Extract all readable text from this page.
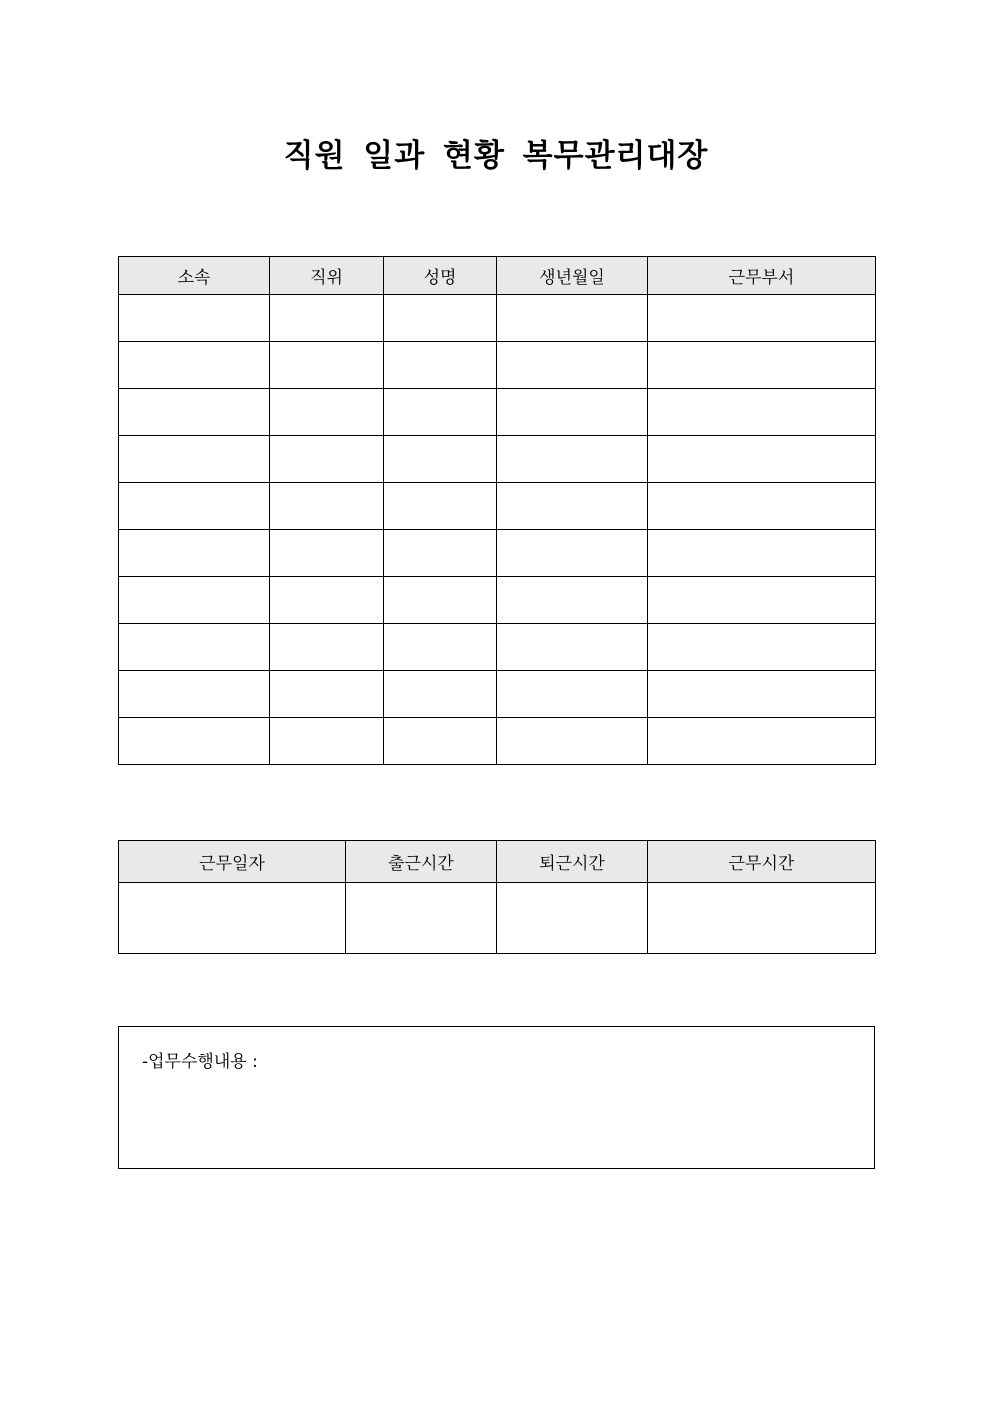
직원 일과 현황 복무관리대장
소속	직위	성명	생년월일	근무부서

근무일자	출근시간	퇴근시간	근무시간

-업무수행내용 :
